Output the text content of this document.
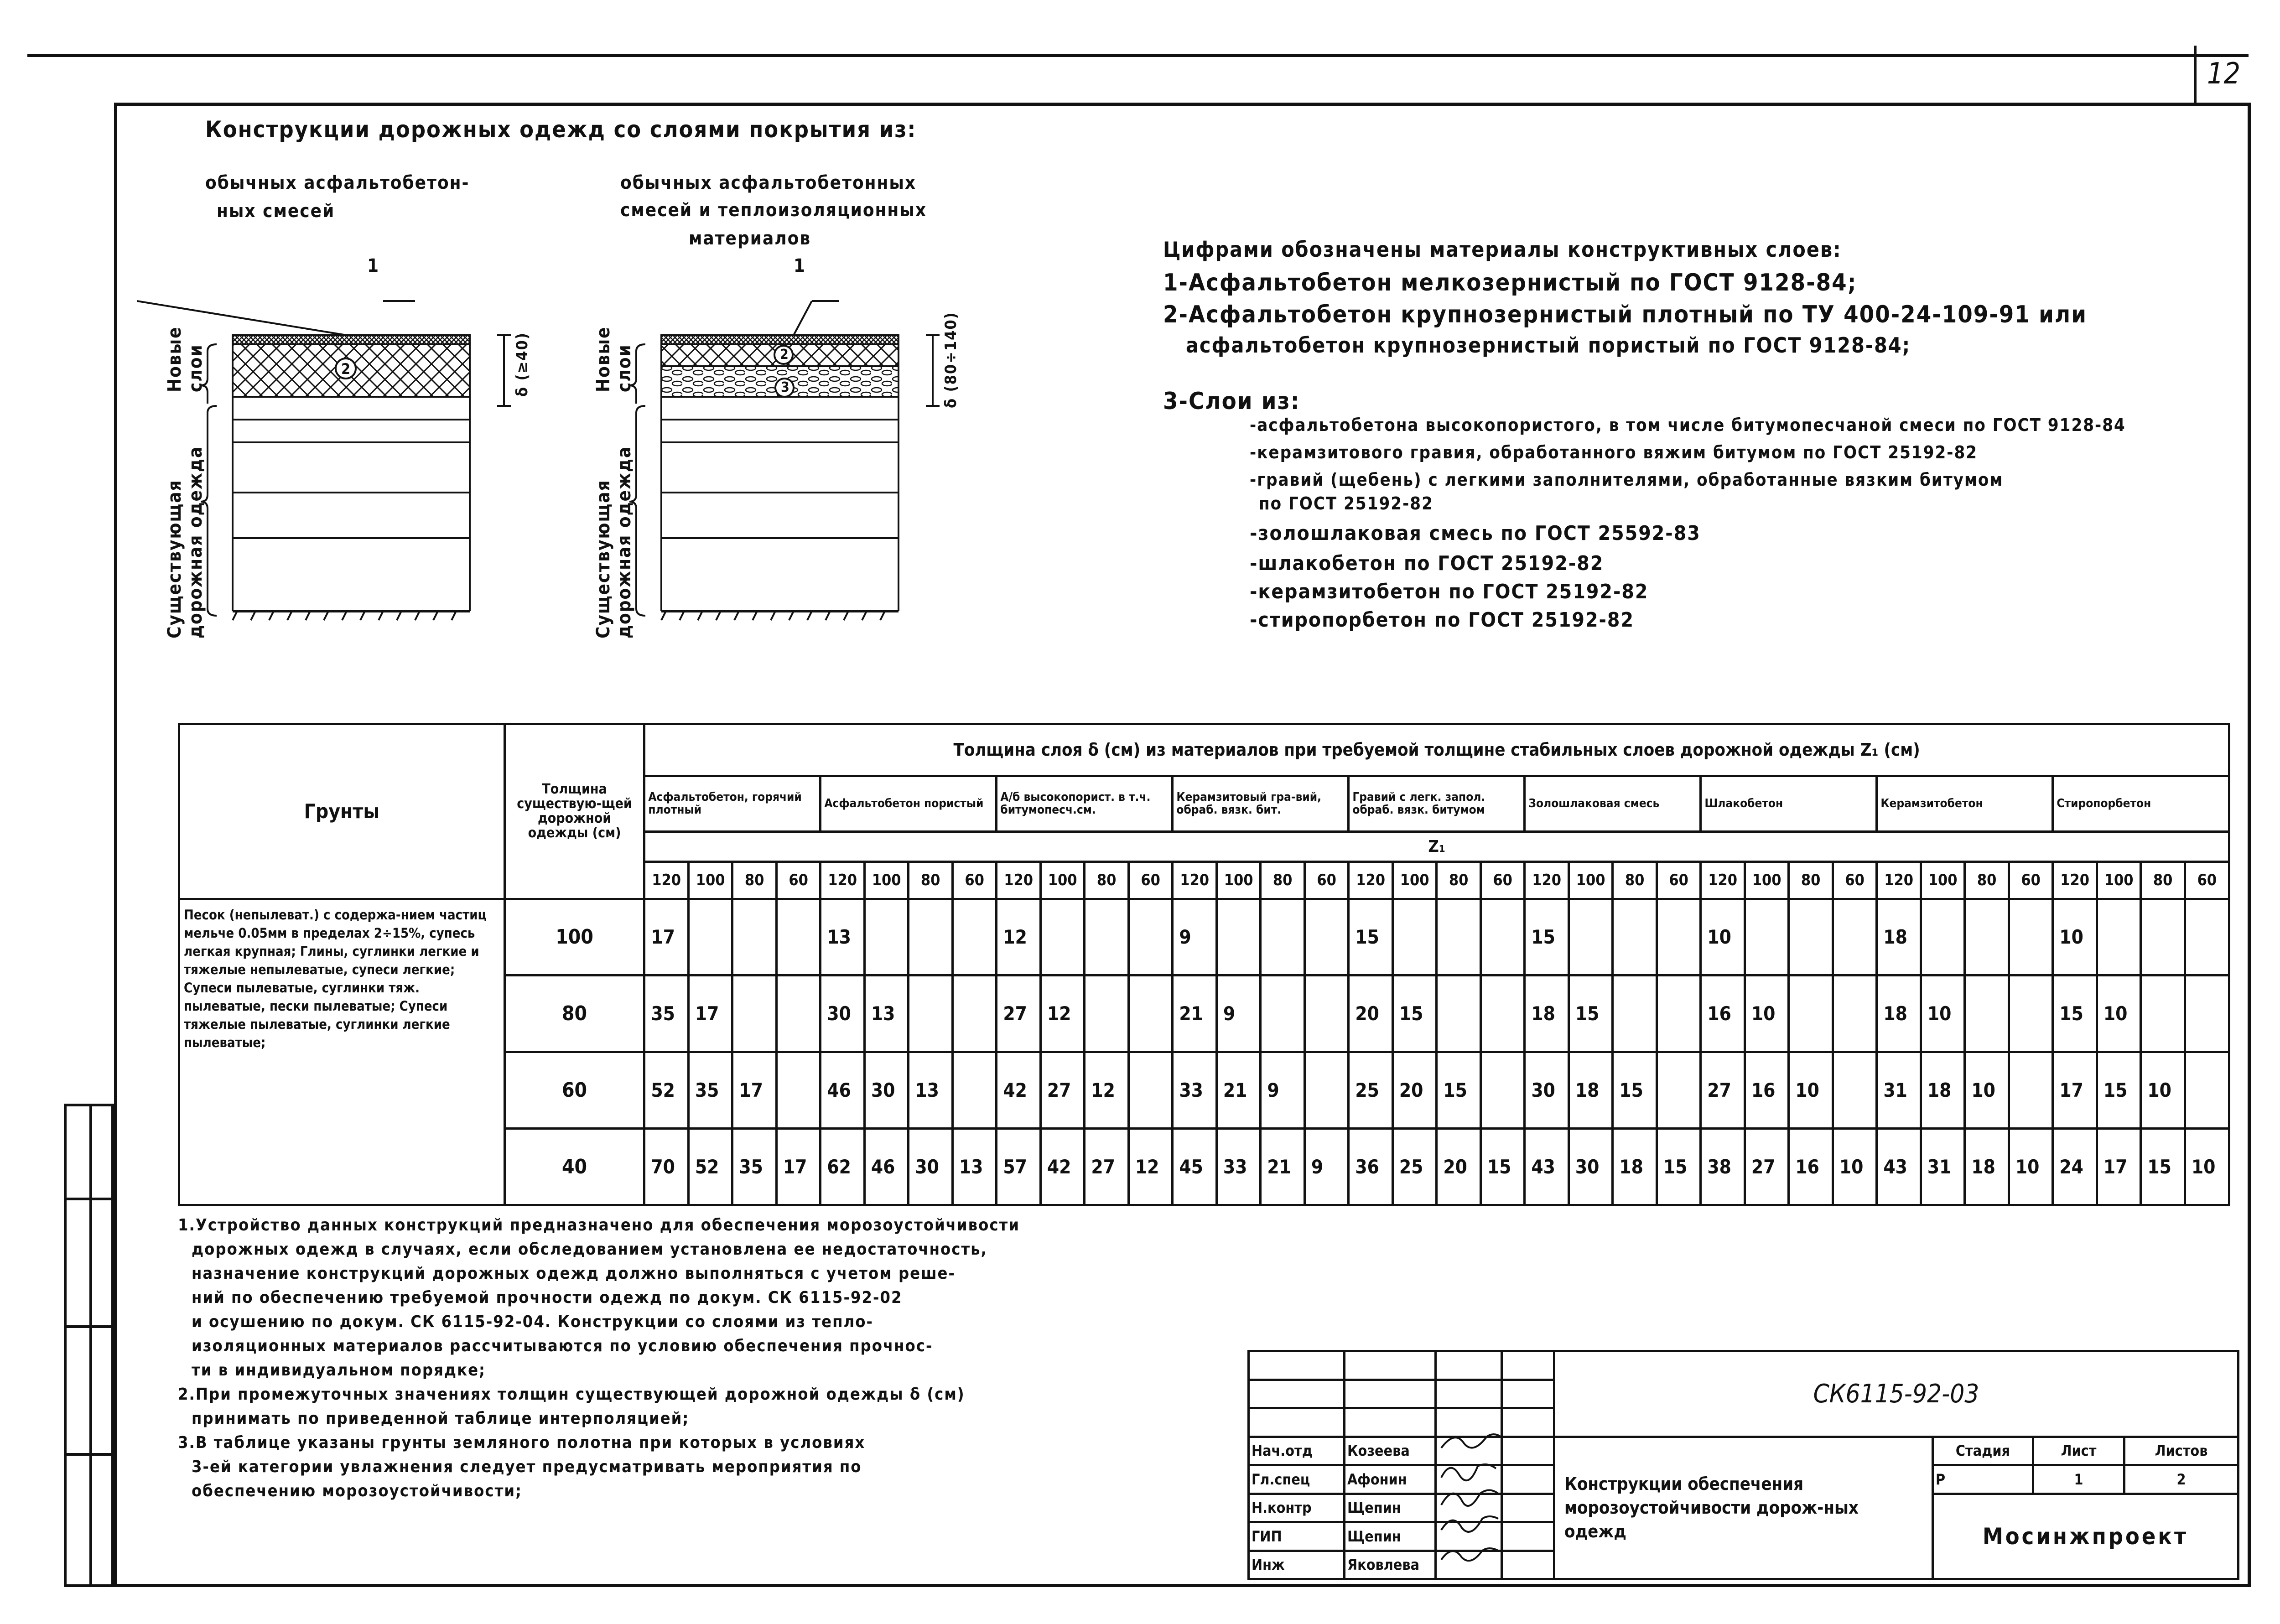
12
Конструкции дорожных одежд со слоями покрытия из:
обычных асфальтобетон-
ных смесей
обычных асфальтобетонных
смесей и теплоизоляционных
материалов
1	1
2
2
3
Новые
слои
Существующая
дорожная одежда
Новые
слои
Существующая
дорожная одежда
δ (≥40)	δ (80÷140)
Цифрами обозначены материалы конструктивных слоев:
1-Асфальтобетон мелкозернистый по ГОСТ 9128-84;
2-Асфальтобетон крупнозернистый плотный по ТУ 400-24-109-91 или
асфальтобетон крупнозернистый пористый по ГОСТ 9128-84;
3-Слои из:
-асфальтобетона высокопористого, в том числе битумопесчаной смеси по ГОСТ 9128-84
-керамзитового гравия, обработанного вяжим битумом по ГОСТ 25192-82
-гравий (щебень) с легкими заполнителями, обработанные вязким битумом
по ГОСТ 25192-82
-золошлаковая смесь по ГОСТ 25592-83
-шлакобетон по ГОСТ 25192-82
-керамзитобетон по ГОСТ 25192-82
-стиропорбетон по ГОСТ 25192-82
Грунты	Толщина существую-щей дорожной одежды (см)	Толщина слоя δ (см) из материалов при требуемой толщине стабильных слоев дорожной одежды Z₁ (см)																																			
		Асфальтобетон, горячий плотный				Асфальтобетон пористый				А/б высокопорист. в т.ч. битумопесч.см.				Керамзитовый гра-вий, обраб. вязк. бит.				Гравий с легк. запол. обраб. вязк. битумом				Золошлаковая смесь				Шлакобетон				Керамзитобетон				Стиропорбетон			
		Z₁																																			
		120	100	80	60	120	100	80	60	120	100	80	60	120	100	80	60	120	100	80	60	120	100	80	60	120	100	80	60	120	100	80	60	120	100	80	60
Песок (непылеват.) с содержа-нием частиц мельче 0.05мм в пределах 2÷15%, супесь легкая крупная; Глины, суглинки легкие и тяжелые непылеватые, супеси легкие; Супеси пылеватые, суглинки тяж. пылеватые, пески пылеватые; Супеси тяжелые пылеватые, суглинки легкие пылеватые;	100	17				13				12				9				15				15				10				18				10			
	80	35	17			30	13			27	12			21	9			20	15			18	15			16	10			18	10			15	10		
	60	52	35	17		46	30	13		42	27	12		33	21	9		25	20	15		30	18	15		27	16	10		31	18	10		17	15	10	
	40	70	52	35	17	62	46	30	13	57	42	27	12	45	33	21	9	36	25	20	15	43	30	18	15	38	27	16	10	43	31	18	10	24	17	15	10
1.Устройство данных конструкций предназначено для обеспечения морозоустойчивости
дорожных одежд в случаях, если обследованием установлена ее недостаточность,
назначение конструкций дорожных одежд должно выполняться с учетом реше-
ний по обеспечению требуемой прочности одежд по докум. СК 6115-92-02
и осушению по докум. СК 6115-92-04. Конструкции со слоями из тепло-
изоляционных материалов рассчитываются по условию обеспечения прочнос-
ти в индивидуальном порядке;
2.При промежуточных значениях толщин существующей дорожной одежды δ (см)
принимать по приведенной таблице интерполяцией;
3.В таблице указаны грунты земляного полотна при которых в условиях
3-ей категории увлажнения следует предусматривать мероприятия по
обеспечению морозоустойчивости;
				СК6115-92-03			

Нач.отд	Козеева			Конструкции обеспечения морозоустойчивости дорож-ных одежд	Стадия	Лист	Листов
Гл.спец	Афонин				Р	1	2
Н.контр	Щепин				Мосинжпроект		
ГИП	Щепин						
Инж	Яковлева						
